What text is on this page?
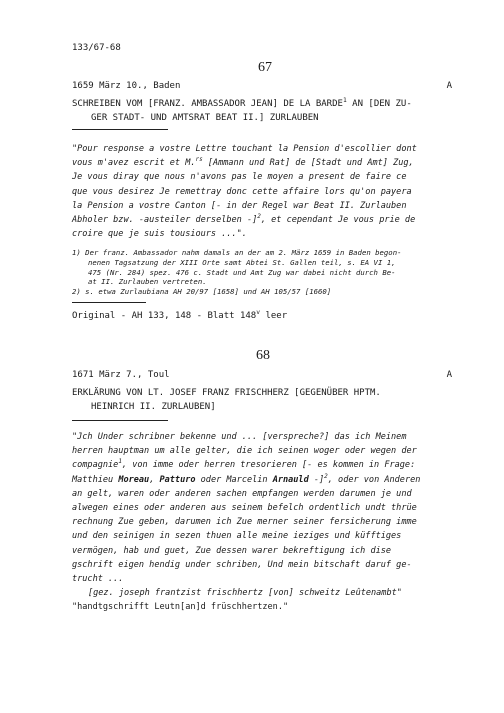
133/67-68
67
1659 März 10., Baden	A
SCHREIBEN VOM [FRANZ. AMBASSADOR JEAN] DE LA BARDE$^1$ AN [DEN ZU-
GER STADT- UND AMTSRAT BEAT II.] ZURLAUBEN
"Pour response a vostre Lettre touchant la Pension d'escollier dont
vous m'avez escrit et M.$^{rs}$ [Ammann und Rat] de [Stadt und Amt] Zug,
Je vous diray que nous n'avons pas le moyen a present de faire ce
que vous desirez Je remettray donc cette affaire lors qu'on payera
la Pension a vostre Canton [- in der Regel war Beat II. Zurlauben
Abholer bzw. -austeiler derselben -]$^2$, et cependant Je vous prie de
croire que je suis tousiours ...".
1) Der franz. Ambassador nahm damals an der am 2. März 1659 in Baden begon-
nenen Tagsatzung der XIII Orte samt Abtei St. Gallen teil, s. EA VI 1,
475 (Nr. 284) spez. 476 c. Stadt und Amt Zug war dabei nicht durch Be-
at II. Zurlauben vertreten.
2) s. etwa Zurlaubiana AH 20/97 [1658] und AH 105/57 [1660]
Original - AH 133, 148 - Blatt 148$^v$ leer
68
1671 März 7., Toul	A
ERKLÄRUNG VON LT. JOSEF FRANZ FRISCHHERZ [GEGENÜBER HPTM.
HEINRICH II. ZURLAUBEN]
"Jch Under schribner bekenne und ... [verspreche?] das ich Meinem
herren hauptman um alle gelter, die ich seinen woger oder wegen der
compagnie$^1$, von imme oder herren tresorieren [- es kommen in Frage:
Matthieu Moreau, Patturo oder Marcelin Arnauld -]$^2$, oder von Anderen
an gelt, waren oder anderen sachen empfangen werden darumen je und
alwegen eines oder anderen aus seinem befelch ordentlich undt thrüe
rechnung Zue geben, darumen ich Zue merner seiner fersicherung imme
und den seinigen in sezen thuen alle meine ieziges und küfftiges
vermögen, hab und guet, Zue dessen warer bekreftigung ich dise
gschrift eigen hendig under schriben, Und mein bitschaft daruf ge-
trucht ...
[gez. joseph frantzist frischhertz [von] schweitz Leûtenambt"
"handtgschrifft Leutn[an]d früschhertzen."
